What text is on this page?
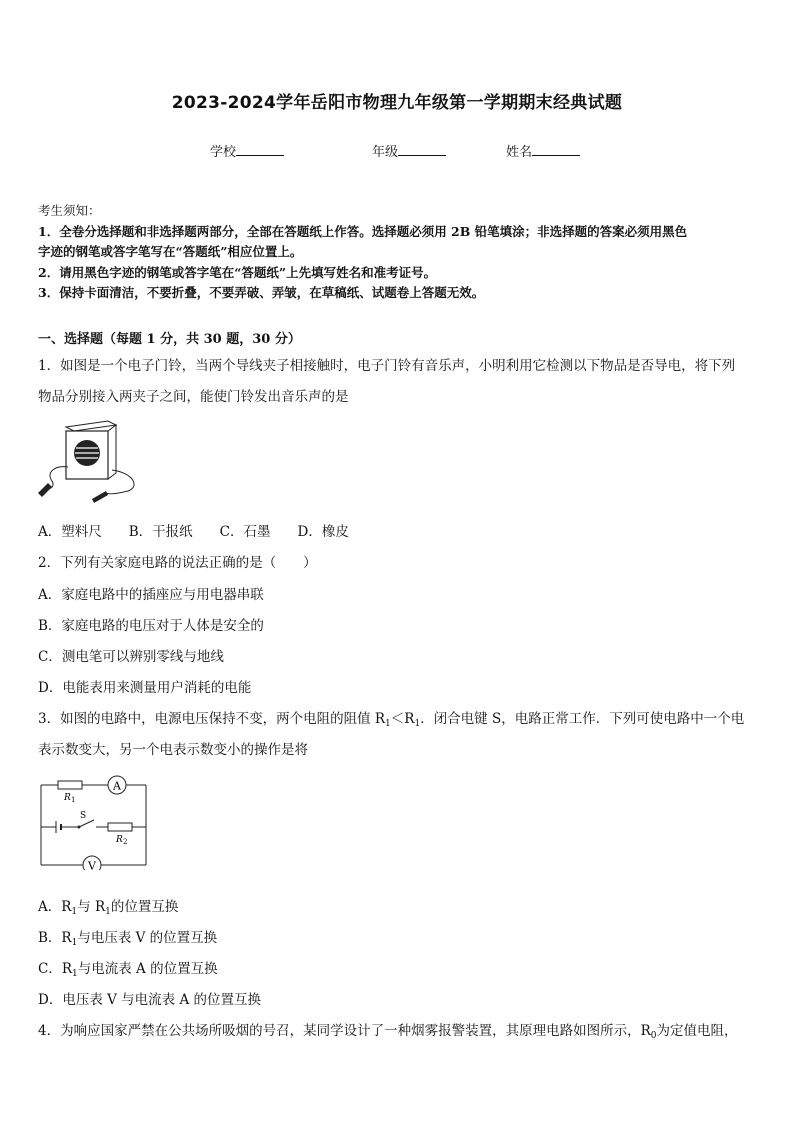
2023-2024学年岳阳市物理九年级第一学期期末经典试题
学校	年级	姓名
考生须知：
1．全卷分选择题和非选择题两部分，全部在答题纸上作答。选择题必须用 2B 铅笔填涂；非选择题的答案必须用黑色
字迹的钢笔或答字笔写在“答题纸”相应位置上。
2．请用黑色字迹的钢笔或答字笔在“答题纸”上先填写姓名和准考证号。
3．保持卡面清洁，不要折叠，不要弄破、弄皱，在草稿纸、试题卷上答题无效。
一、选择题（每题 1 分，共 30 题，30 分）
1．如图是一个电子门铃，当两个导线夹子相接触时，电子门铃有音乐声，小明利用它检测以下物品是否导电，将下列
物品分别接入两夹子之间，能使门铃发出音乐声的是
A．塑料尺　　B．干报纸　　C．石墨　　D．橡皮
2．下列有关家庭电路的说法正确的是（　　）
A．家庭电路中的插座应与用电器串联
B．家庭电路的电压对于人体是安全的
C．测电笔可以辨别零线与地线
D．电能表用来测量用户消耗的电能
3．如图的电路中，电源电压保持不变，两个电阻的阻值 $R_1<R_1$．闭合电键 S，电路正常工作．下列可使电路中一个电
表示数变大，另一个电表示数变小的操作是将
A
R 1
S
R 2
V
A．$R_1$与 $R_1$的位置互换
B．$R_1$与电压表 V 的位置互换
C．$R_1$与电流表 A 的位置互换
D．电压表 V 与电流表 A 的位置互换
4．为响应国家严禁在公共场所吸烟的号召，某同学设计了一种烟雾报警装置，其原理电路如图所示，$R_0$为定值电阻，
